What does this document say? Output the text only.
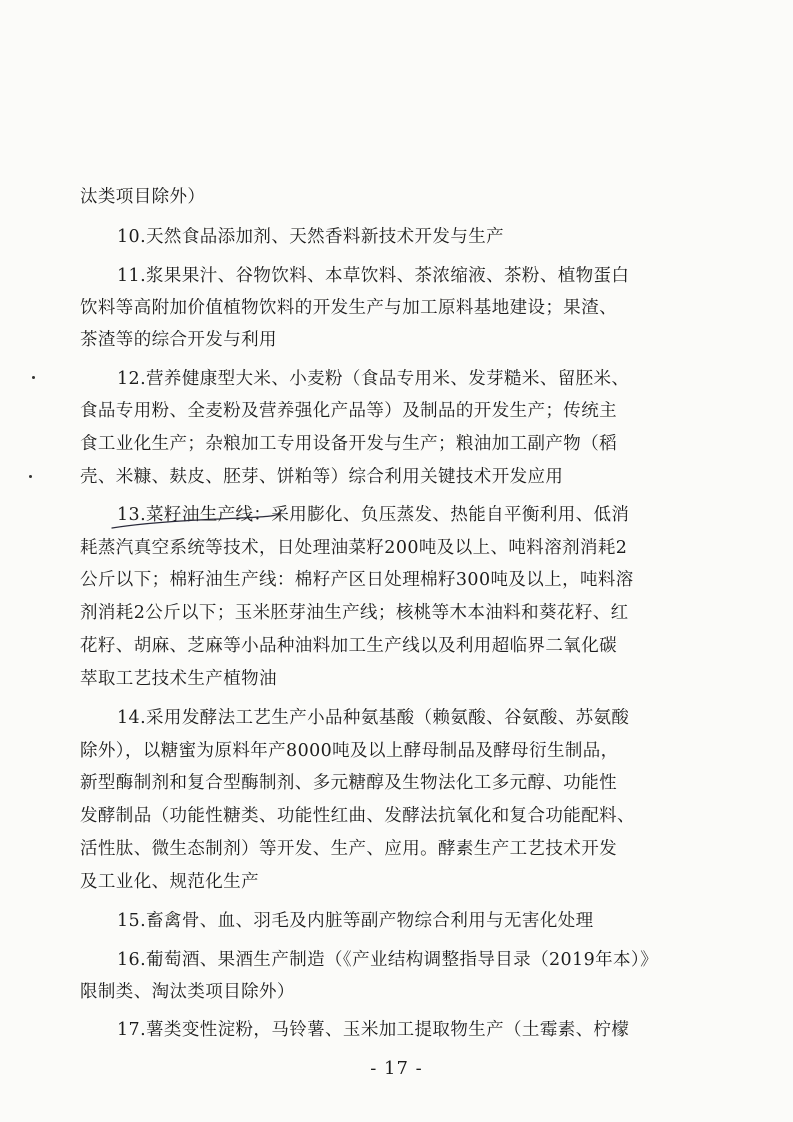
汰类项目除外）
10.天然食品添加剂、天然香料新技术开发与生产
11.浆果果汁、谷物饮料、本草饮料、茶浓缩液、茶粉、植物蛋白
饮料等高附加价值植物饮料的开发生产与加工原料基地建设；果渣、
茶渣等的综合开发与利用
12.营养健康型大米、小麦粉（食品专用米、发芽糙米、留胚米、
食品专用粉、全麦粉及营养强化产品等）及制品的开发生产；传统主
食工业化生产；杂粮加工专用设备开发与生产；粮油加工副产物（稻
壳、米糠、麸皮、胚芽、饼粕等）综合利用关键技术开发应用
13.菜籽油生产线：采用膨化、负压蒸发、热能自平衡利用、低消
耗蒸汽真空系统等技术，日处理油菜籽200吨及以上、吨料溶剂消耗2
公斤以下；棉籽油生产线：棉籽产区日处理棉籽300吨及以上，吨料溶
剂消耗2公斤以下；玉米胚芽油生产线；核桃等木本油料和葵花籽、红
花籽、胡麻、芝麻等小品种油料加工生产线以及利用超临界二氧化碳
萃取工艺技术生产植物油
14.采用发酵法工艺生产小品种氨基酸（赖氨酸、谷氨酸、苏氨酸
除外），以糖蜜为原料年产8000吨及以上酵母制品及酵母衍生制品，
新型酶制剂和复合型酶制剂、多元糖醇及生物法化工多元醇、功能性
发酵制品（功能性糖类、功能性红曲、发酵法抗氧化和复合功能配料、
活性肽、微生态制剂）等开发、生产、应用。酵素生产工艺技术开发
及工业化、规范化生产
15.畜禽骨、血、羽毛及内脏等副产物综合利用与无害化处理
16.葡萄酒、果酒生产制造（《产业结构调整指导目录（2019年本）》
限制类、淘汰类项目除外）
17.薯类变性淀粉，马铃薯、玉米加工提取物生产（土霉素、柠檬
- 17 -
